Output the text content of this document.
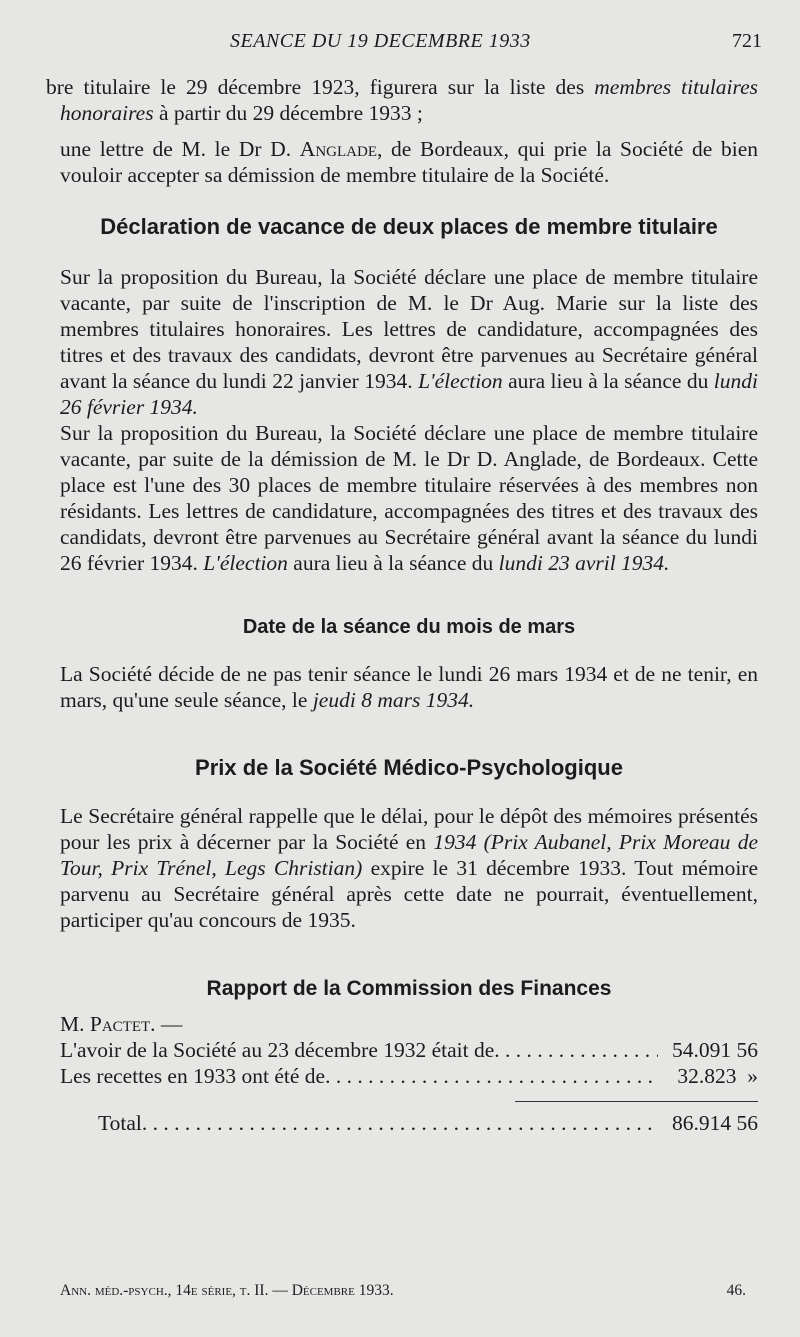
SEANCE DU 19 DECEMBRE 1933	721

bre titulaire le 29 décembre 1923, figurera sur la liste des membres titulaires honoraires à partir du 29 décembre 1933 ;

une lettre de M. le Dr D. Anglade, de Bordeaux, qui prie la Société de bien vouloir accepter sa démission de membre titulaire de la Société.

Déclaration de vacance de deux places de membre titulaire

Sur la proposition du Bureau, la Société déclare une place de membre titulaire vacante, par suite de l'inscription de M. le Dr Aug. Marie sur la liste des membres titulaires honoraires. Les lettres de candidature, accompagnées des titres et des travaux des candidats, devront être parvenues au Secrétaire général avant la séance du lundi 22 janvier 1934. L'élection aura lieu à la séance du lundi 26 février 1934.

Sur la proposition du Bureau, la Société déclare une place de membre titulaire vacante, par suite de la démission de M. le Dr D. Anglade, de Bordeaux. Cette place est l'une des 30 places de membre titulaire réservées à des membres non résidants. Les lettres de candidature, accompagnées des titres et des travaux des candidats, devront être parvenues au Secrétaire général avant la séance du lundi 26 février 1934. L'élection aura lieu à la séance du lundi 23 avril 1934.

Date de la séance du mois de mars

La Société décide de ne pas tenir séance le lundi 26 mars 1934 et de ne tenir, en mars, qu'une seule séance, le jeudi 8 mars 1934.

Prix de la Société Médico-Psychologique

Le Secrétaire général rappelle que le délai, pour le dépôt des mémoires présentés pour les prix à décerner par la Société en 1934 (Prix Aubanel, Prix Moreau de Tour, Prix Trénel, Legs Christian) expire le 31 décembre 1933. Tout mémoire parvenu au Secrétaire général après cette date ne pourrait, éventuellement, participer qu'au concours de 1935.

Rapport de la Commission des Finances

M. Pactet. —

L'avoir de la Société au 23 décembre 1932 était de . . .	54.091 56
Les recettes en 1933 ont été de . . .	32.823  »
Total . . .	86.914 56
Ann. méd.-psych., 14e série, t. II. — Décembre 1933.	46.
